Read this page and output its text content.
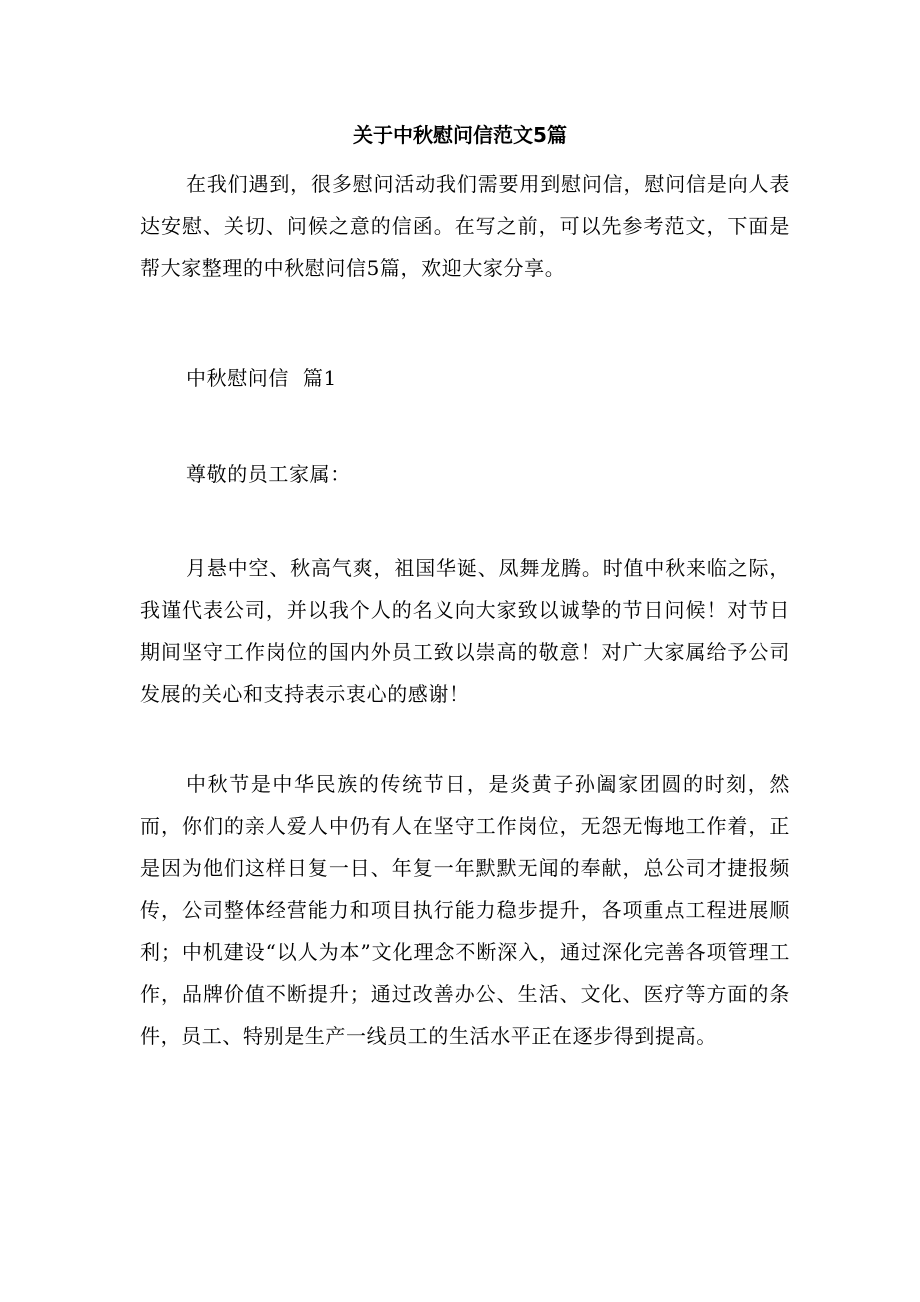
关于中秋慰问信范文5篇

在我们遇到，很多慰问活动我们需要用到慰问信，慰问信是向人表达安慰、关切、问候之意的信函。在写之前，可以先参考范文，下面是帮大家整理的中秋慰问信5篇，欢迎大家分享。

中秋慰问信  篇1

尊敬的员工家属：

月悬中空、秋高气爽，祖国华诞、凤舞龙腾。时值中秋来临之际，我谨代表公司，并以我个人的名义向大家致以诚挚的节日问候！对节日期间坚守工作岗位的国内外员工致以崇高的敬意！对广大家属给予公司发展的关心和支持表示衷心的感谢！

中秋节是中华民族的传统节日，是炎黄子孙阖家团圆的时刻，然而，你们的亲人爱人中仍有人在坚守工作岗位，无怨无悔地工作着，正是因为他们这样日复一日、年复一年默默无闻的奉献，总公司才捷报频传，公司整体经营能力和项目执行能力稳步提升，各项重点工程进展顺利；中机建设“以人为本”文化理念不断深入，通过深化完善各项管理工作，品牌价值不断提升；通过改善办公、生活、文化、医疗等方面的条件，员工、特别是生产一线员工的生活水平正在逐步得到提高。
